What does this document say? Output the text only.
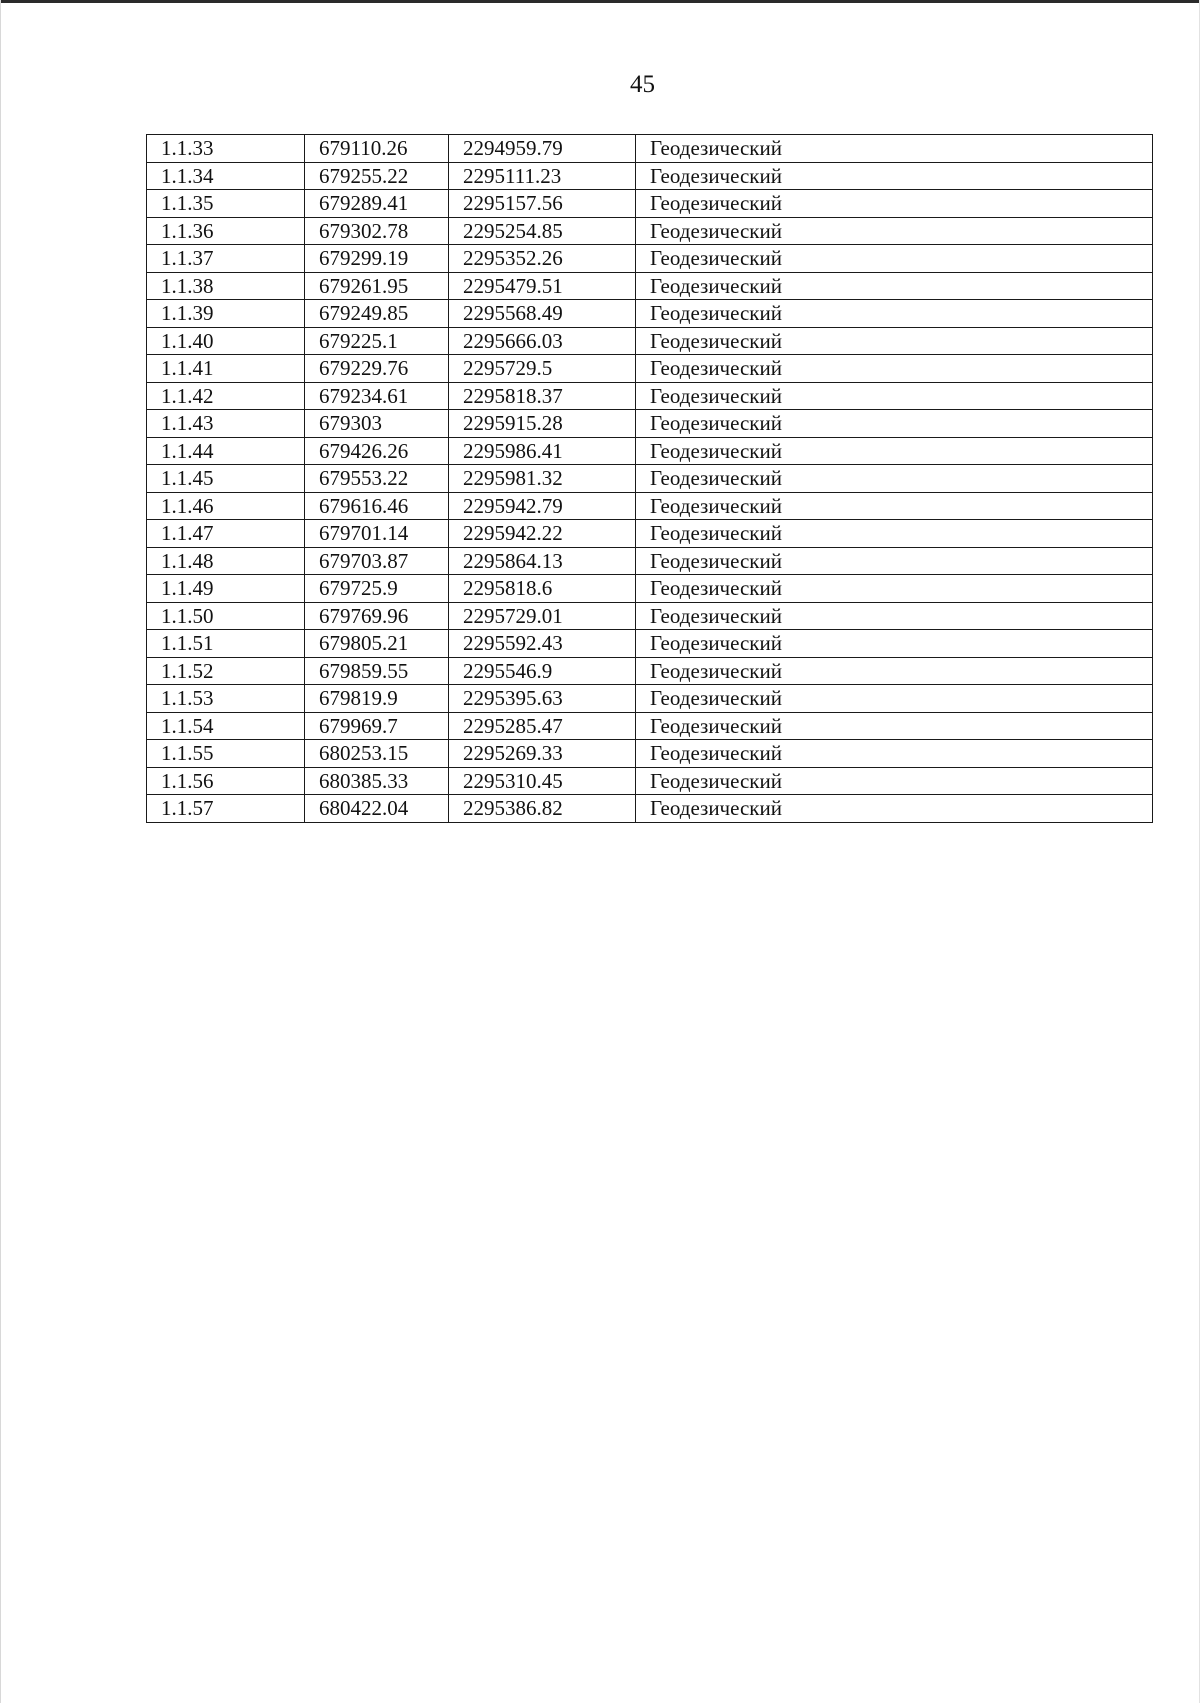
45
1.1.33	679110.26	2294959.79	Геодезический
1.1.34	679255.22	2295111.23	Геодезический
1.1.35	679289.41	2295157.56	Геодезический
1.1.36	679302.78	2295254.85	Геодезический
1.1.37	679299.19	2295352.26	Геодезический
1.1.38	679261.95	2295479.51	Геодезический
1.1.39	679249.85	2295568.49	Геодезический
1.1.40	679225.1	2295666.03	Геодезический
1.1.41	679229.76	2295729.5	Геодезический
1.1.42	679234.61	2295818.37	Геодезический
1.1.43	679303	2295915.28	Геодезический
1.1.44	679426.26	2295986.41	Геодезический
1.1.45	679553.22	2295981.32	Геодезический
1.1.46	679616.46	2295942.79	Геодезический
1.1.47	679701.14	2295942.22	Геодезический
1.1.48	679703.87	2295864.13	Геодезический
1.1.49	679725.9	2295818.6	Геодезический
1.1.50	679769.96	2295729.01	Геодезический
1.1.51	679805.21	2295592.43	Геодезический
1.1.52	679859.55	2295546.9	Геодезический
1.1.53	679819.9	2295395.63	Геодезический
1.1.54	679969.7	2295285.47	Геодезический
1.1.55	680253.15	2295269.33	Геодезический
1.1.56	680385.33	2295310.45	Геодезический
1.1.57	680422.04	2295386.82	Геодезический
